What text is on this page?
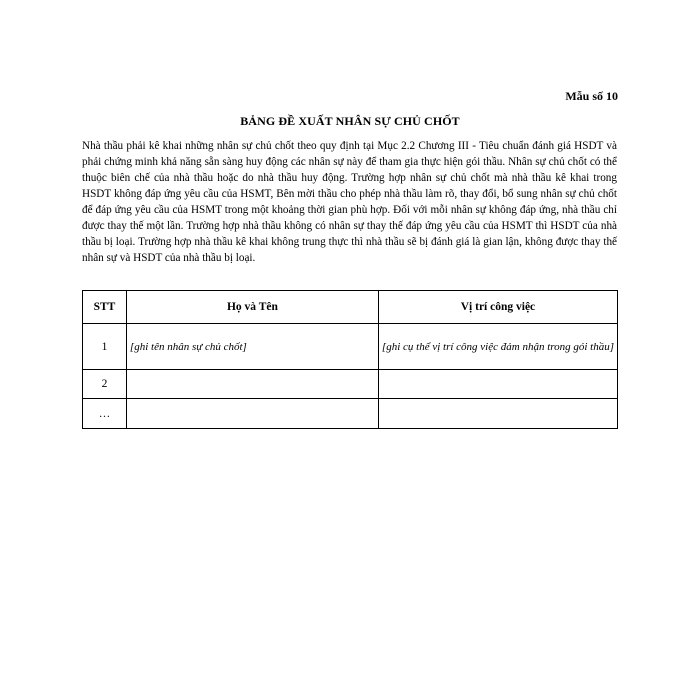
Mẫu số 10
BẢNG ĐỀ XUẤT NHÂN SỰ CHỦ CHỐT

Nhà thầu phải kê khai những nhân sự chủ chốt theo quy định tại Mục 2.2 Chương III - Tiêu chuẩn đánh giá HSDT và phải chứng minh khả năng sẵn sàng huy động các nhân sự này để tham gia thực hiện gói thầu. Nhân sự chủ chốt có thể thuộc biên chế của nhà thầu hoặc do nhà thầu huy động. Trường hợp nhân sự chủ chốt mà nhà thầu kê khai trong HSDT không đáp ứng yêu cầu của HSMT, Bên mời thầu cho phép nhà thầu làm rõ, thay đổi, bổ sung nhân sự chủ chốt để đáp ứng yêu cầu của HSMT trong một khoảng thời gian phù hợp. Đối với mỗi nhân sự không đáp ứng, nhà thầu chỉ được thay thế một lần. Trường hợp nhà thầu không có nhân sự thay thế đáp ứng yêu cầu của HSMT thì HSDT của nhà thầu bị loại. Trường hợp nhà thầu kê khai không trung thực thì nhà thầu sẽ bị đánh giá là gian lận, không được thay thế nhân sự và HSDT của nhà thầu bị loại.

STT	Họ và Tên	Vị trí công việc
1	[ghi tên nhân sự chủ chốt]	[ghi cụ thể vị trí công việc đảm nhận trong gói thầu]
2		
…		
